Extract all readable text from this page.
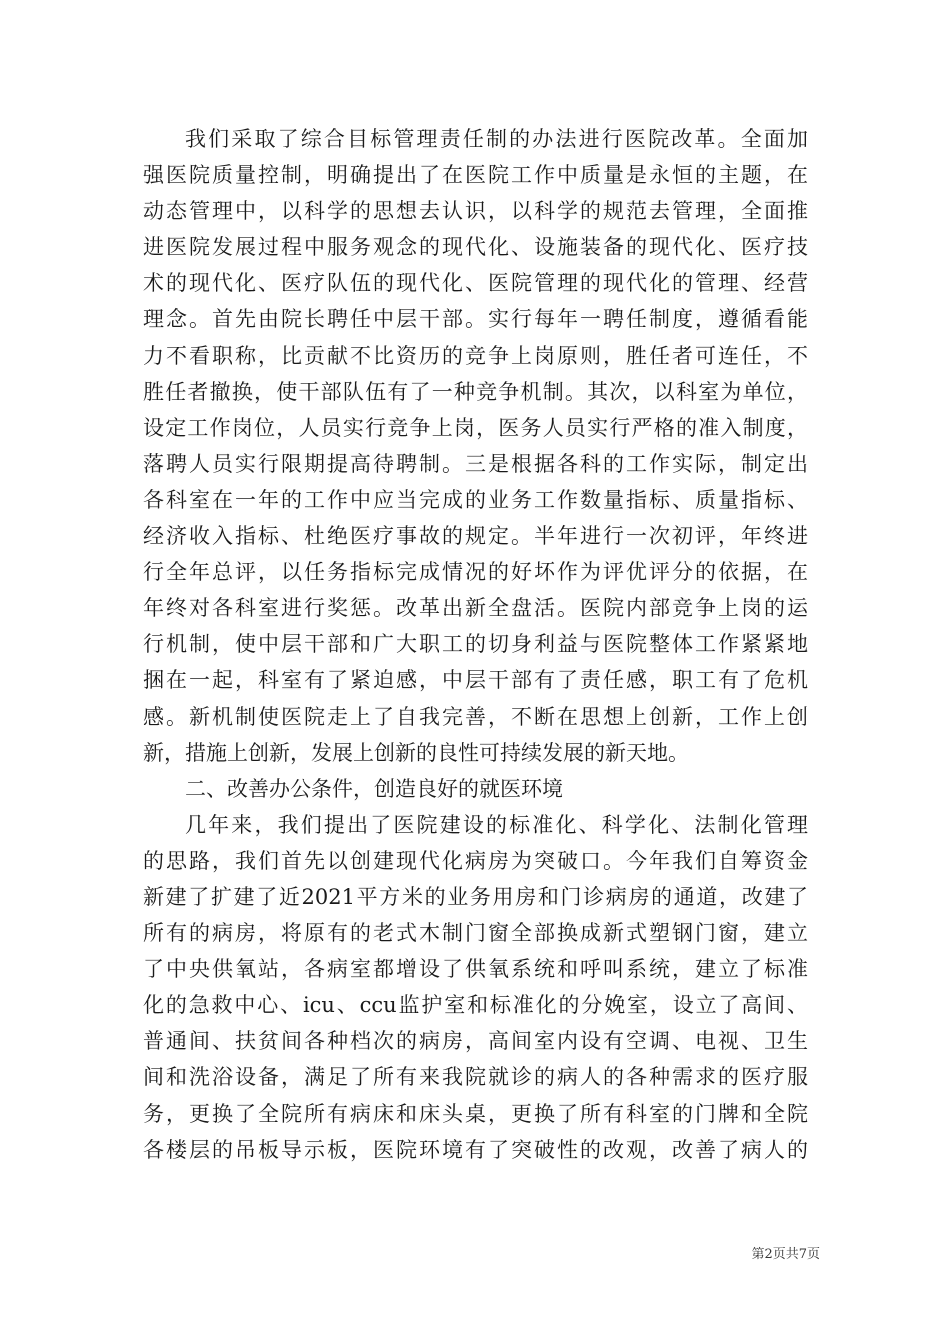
我们采取了综合目标管理责任制的办法进行医院改革。全面加
强医院质量控制，明确提出了在医院工作中质量是永恒的主题，在
动态管理中，以科学的思想去认识，以科学的规范去管理，全面推
进医院发展过程中服务观念的现代化、设施装备的现代化、医疗技
术的现代化、医疗队伍的现代化、医院管理的现代化的管理、经营
理念。首先由院长聘任中层干部。实行每年一聘任制度，遵循看能
力不看职称，比贡献不比资历的竞争上岗原则，胜任者可连任，不
胜任者撤换，使干部队伍有了一种竞争机制。其次，以科室为单位，
设定工作岗位，人员实行竞争上岗，医务人员实行严格的准入制度，
落聘人员实行限期提高待聘制。三是根据各科的工作实际，制定出
各科室在一年的工作中应当完成的业务工作数量指标、质量指标、
经济收入指标、杜绝医疗事故的规定。半年进行一次初评，年终进
行全年总评，以任务指标完成情况的好坏作为评优评分的依据，在
年终对各科室进行奖惩。改革出新全盘活。医院内部竞争上岗的运
行机制，使中层干部和广大职工的切身利益与医院整体工作紧紧地
捆在一起，科室有了紧迫感，中层干部有了责任感，职工有了危机
感。新机制使医院走上了自我完善，不断在思想上创新，工作上创
新，措施上创新，发展上创新的良性可持续发展的新天地。
二、改善办公条件，创造良好的就医环境
几年来，我们提出了医院建设的标准化、科学化、法制化管理
的思路，我们首先以创建现代化病房为突破口。今年我们自筹资金
新建了扩建了近2021平方米的业务用房和门诊病房的通道，改建了
所有的病房，将原有的老式木制门窗全部换成新式塑钢门窗，建立
了中央供氧站，各病室都增设了供氧系统和呼叫系统，建立了标准
化的急救中心、icu、ccu监护室和标准化的分娩室，设立了高间、
普通间、扶贫间各种档次的病房，高间室内设有空调、电视、卫生
间和洗浴设备，满足了所有来我院就诊的病人的各种需求的医疗服
务，更换了全院所有病床和床头桌，更换了所有科室的门牌和全院
各楼层的吊板导示板，医院环境有了突破性的改观，改善了病人的
第2页共7页
